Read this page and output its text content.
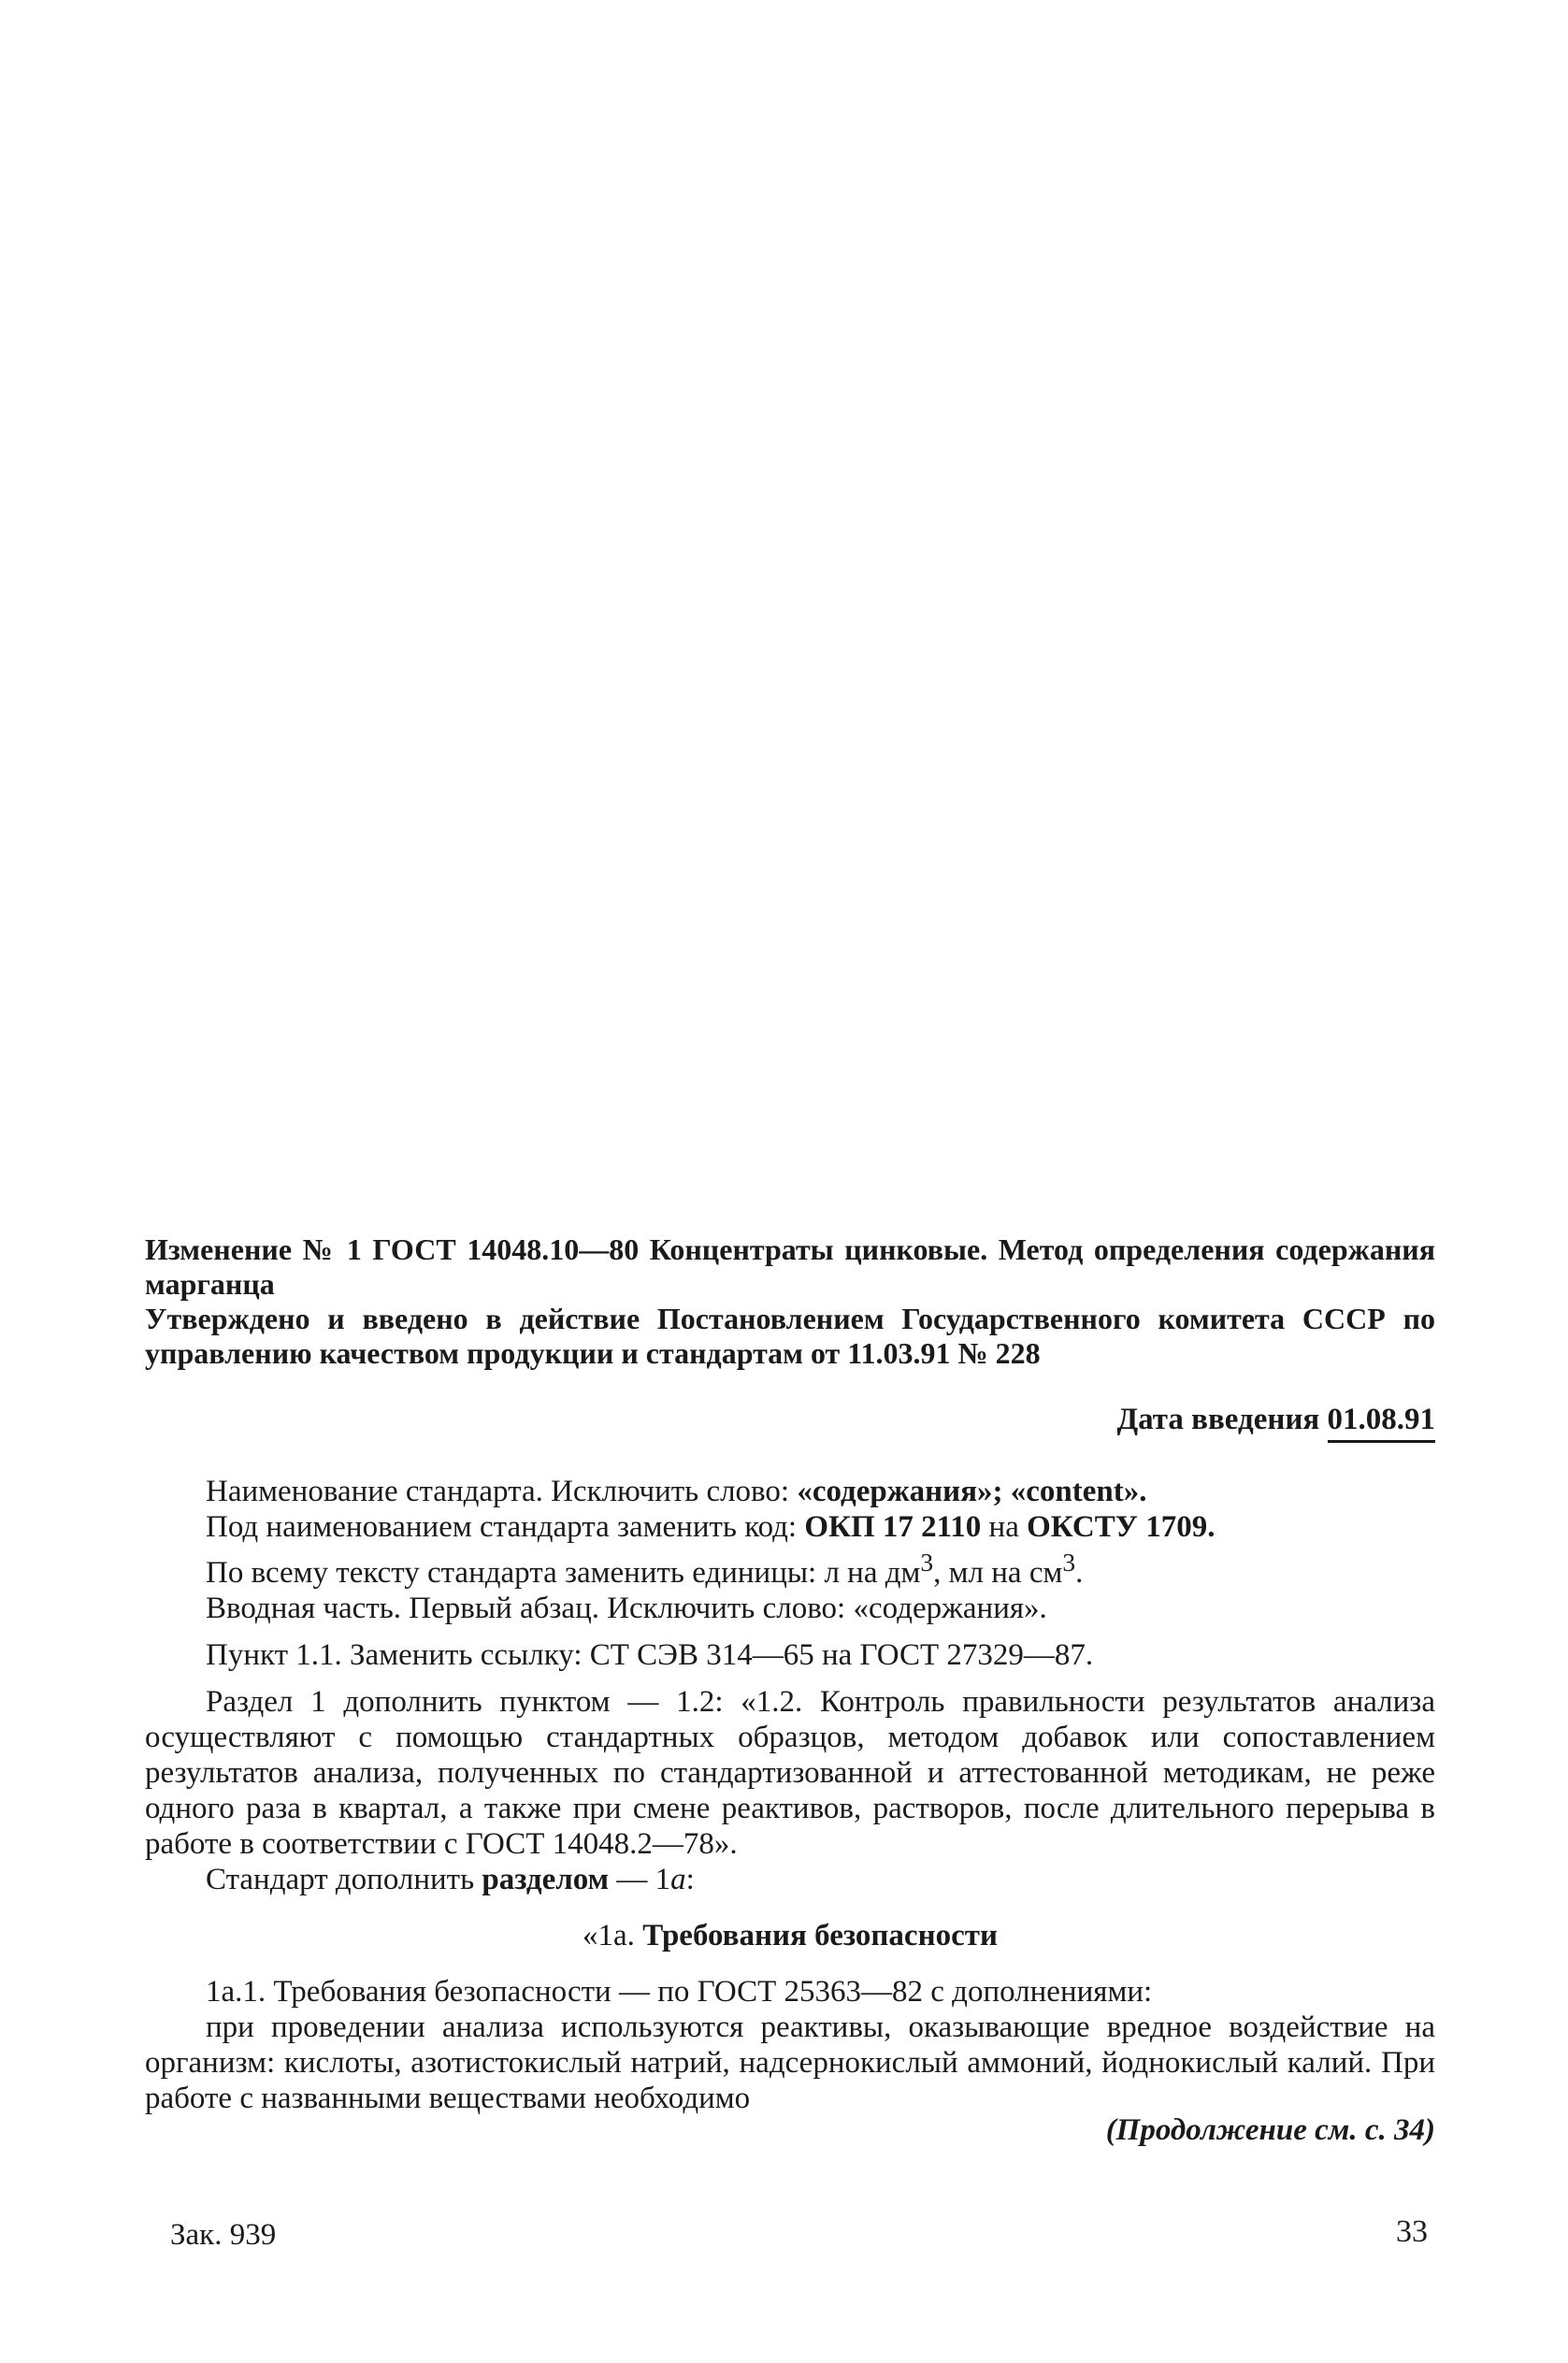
Изменение № 1 ГОСТ 14048.10—80 Концентраты цинковые. Метод определения содержания марганца

Утверждено и введено в действие Постановлением Государственного комитета СССР по управлению качеством продукции и стандартам от 11.03.91 № 228

Дата введения 01.08.91

Наименование стандарта. Исключить слово: «содержания»; «content».

Под наименованием стандарта заменить код: ОКП 17 2110 на ОКСТУ 1709.

По всему тексту стандарта заменить единицы: л на $дм^3$, мл на $см^3$.

Вводная часть. Первый абзац. Исключить слово: «содержания».

Пункт 1.1. Заменить ссылку: СТ СЭВ 314—65 на ГОСТ 27329—87.

Раздел 1 дополнить пунктом — 1.2: «1.2. Контроль правильности результатов анализа осуществляют с помощью стандартных образцов, методом добавок или сопоставлением результатов анализа, полученных по стандартизованной и аттестованной методикам, не реже одного раза в квартал, а также при смене реактивов, растворов, после длительного перерыва в работе в соответствии с ГОСТ 14048.2—78».

Стандарт дополнить разделом — 1а:

«1а. Требования безопасности

1а.1. Требования безопасности — по ГОСТ 25363—82 с дополнениями:

при проведении анализа используются реактивы, оказывающие вредное воздействие на организм: кислоты, азотистокислый натрий, надсернокислый аммоний, йоднокислый калий. При работе с названными веществами необходимо

(Продолжение см. с. 34)
Зак. 939	33
